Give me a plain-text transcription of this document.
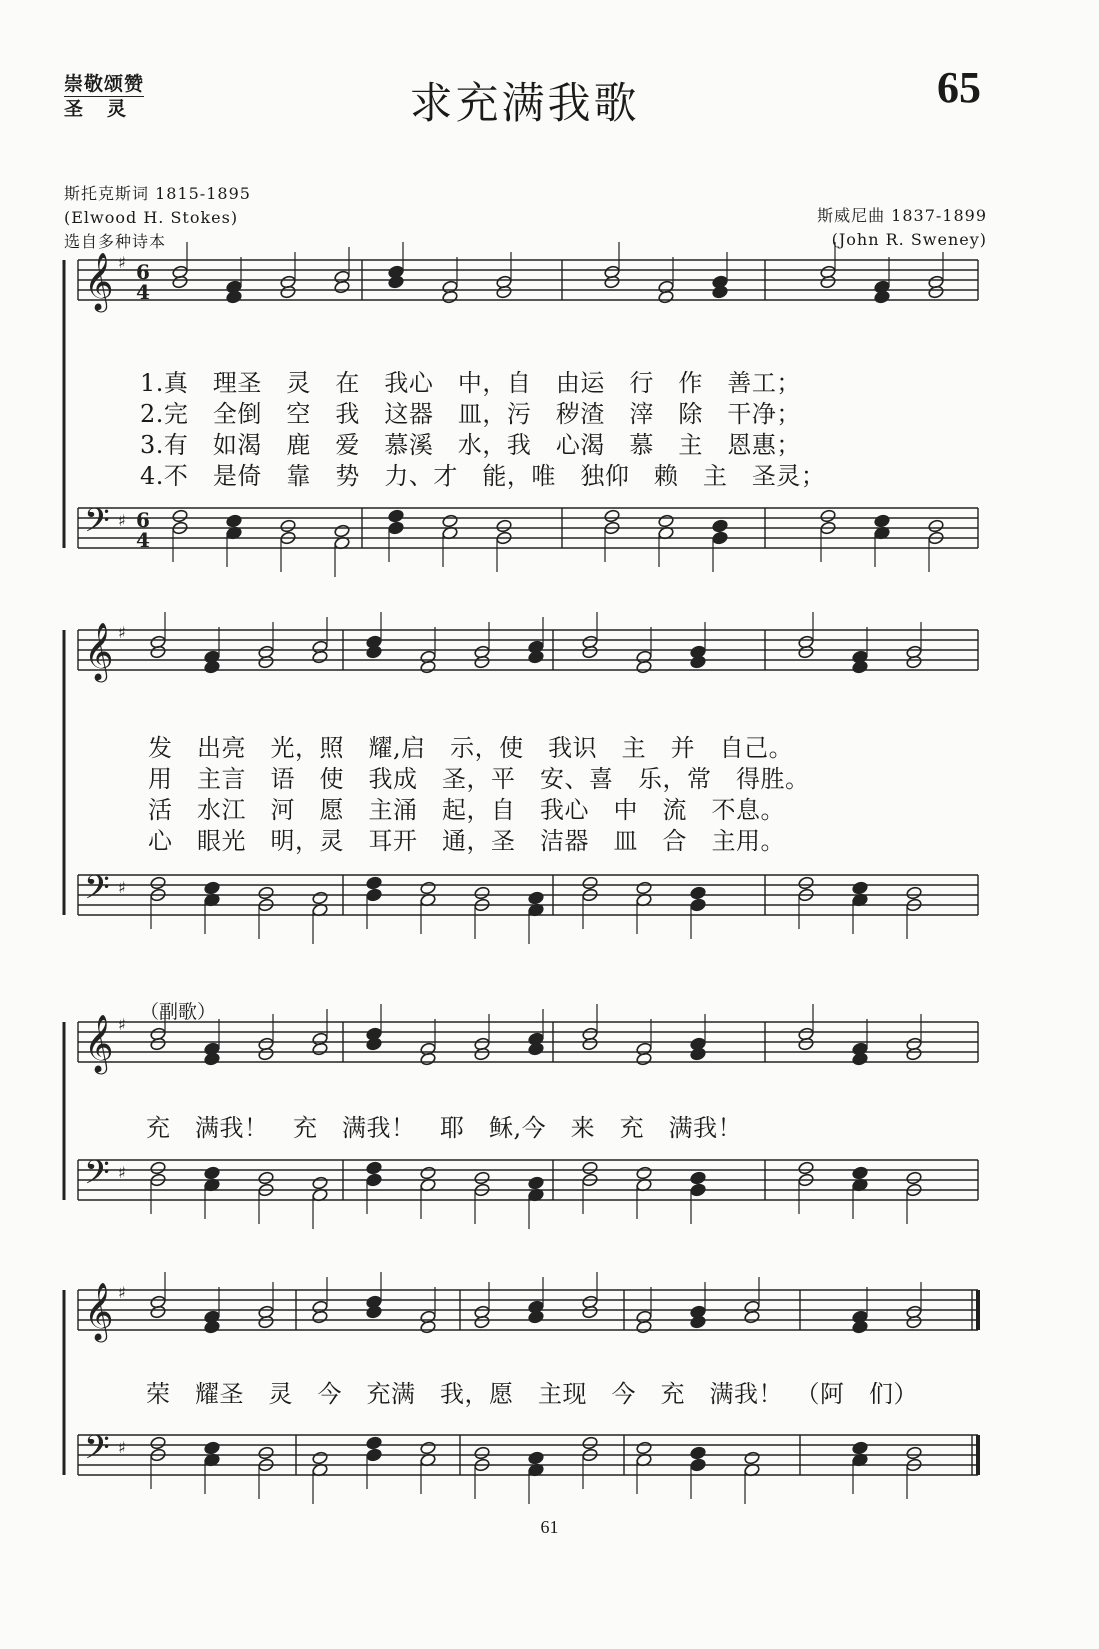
崇敬颂赞
圣灵	求充满我歌	65
斯托克斯词 1815-1895
(Elwood H. Stokes)
选自多种诗本
斯威尼曲 1837-1899
(John R. Sweney)
𝄞
𝄢
♯
♯
6
4
6
4
𝄞
𝄢
♯
♯
𝄞
𝄢
♯
♯
𝄞
𝄢
♯
♯
1.真　理圣　灵　在　我心　中，自　由运　行　作　善工；
2.完　全倒　空　我　这器　皿，污　秽渣　滓　除　干净；
3.有　如渴　鹿　爱　慕溪　水，我　心渴　慕　主　恩惠；
4.不　是倚　靠　势　力、才　能，唯　独仰　赖　主　圣灵；
发　出亮　光，照　耀,启　示，使　我识　主　并　自己。
用　主言　语　使　我成　圣，平　安、喜　乐，常　得胜。
活　水江　河　愿　主涌　起，自　我心　中　流　不息。
心　眼光　明，灵　耳开　通，圣　洁器　皿　合　主用。
（副歌）
充　满我！　充　满我！　耶　稣,今　来　充　满我！
荣　耀圣　灵　今　充满　我，愿　主现　今　充　满我！　（阿　们）
61
